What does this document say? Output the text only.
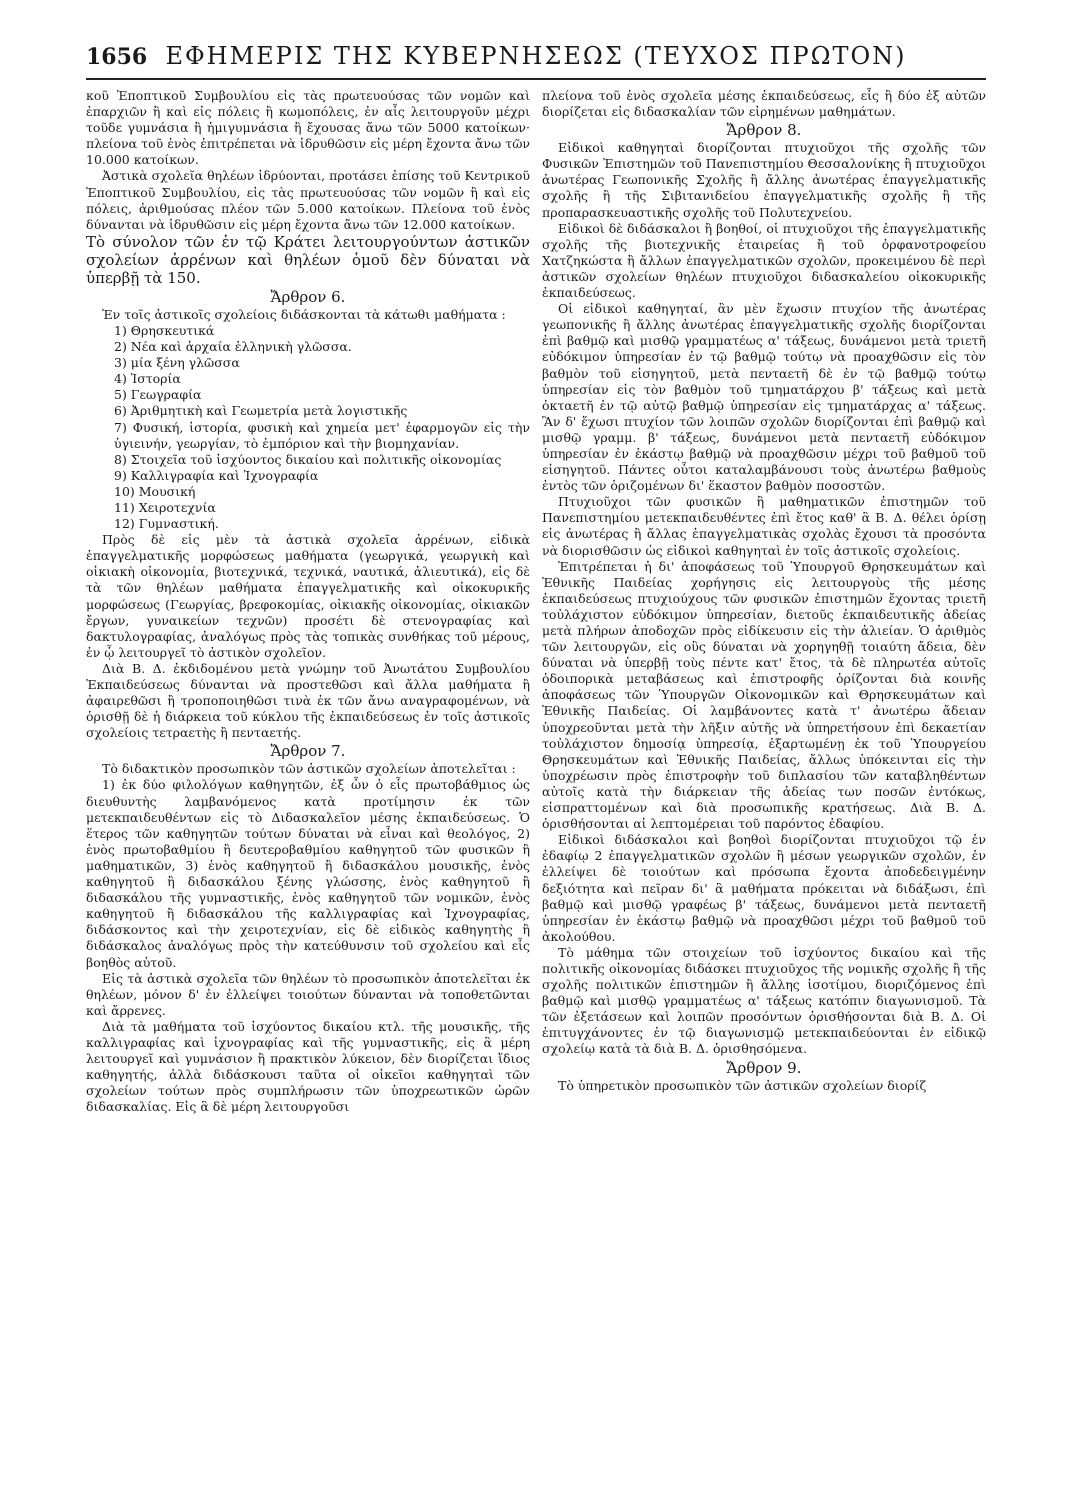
1656 ΕΦΗΜΕΡΙΣ ΤΗΣ ΚΥΒΕΡΝΗΣΕΩΣ (ΤΕΥΧΟΣ ΠΡΩΤΟΝ)

κοῦ Ἐποπτικοῦ Συμβουλίου εἰς τὰς πρωτευούσας τῶν νομῶν καὶ ἐπαρχιῶν ἢ καὶ εἰς πόλεις ἢ κωμοπόλεις, ἐν αἷς λειτουργοῦν μέχρι τοῦδε γυμνάσια ἢ ἡμιγυμνάσια ἢ ἔχουσας ἄνω τῶν 5000 κατοίκων· πλείονα τοῦ ἑνὸς ἐπιτρέπεται νὰ ἱδρυθῶσιν εἰς μέρη ἔχοντα ἄνω τῶν 10.000 κατοίκων.

Ἀστικὰ σχολεῖα θηλέων ἱδρύονται, προτάσει ἐπίσης τοῦ Κεντρικοῦ Ἐποπτικοῦ Συμβουλίου, εἰς τὰς πρωτευούσας τῶν νομῶν ἢ καὶ εἰς πόλεις, ἀριθμούσας πλέον τῶν 5.000 κατοίκων. Πλείονα τοῦ ἑνὸς δύνανται νὰ ἱδρυθῶσιν εἰς μέρη ἔχοντα ἄνω τῶν 12.000 κατοίκων.

Τὸ σύνολον τῶν ἐν τῷ Κράτει λειτουργούντων ἀστικῶν σχολείων ἀρρένων καὶ θηλέων ὁμοῦ δὲν δύναται νὰ ὑπερβῇ τὰ 150.

Ἄρθρον 6.

Ἐν τοῖς ἀστικοῖς σχολείοις διδάσκονται τὰ κάτωθι μαθήματα :

1) Θρησκευτικά

2) Νέα καὶ ἀρχαία ἑλληνικὴ γλῶσσα.

3) μία ξένη γλῶσσα

4) Ἱστορία

5) Γεωγραφία

6) Ἀριθμητικὴ καὶ Γεωμετρία μετὰ λογιστικῆς

7) Φυσική, ἱστορία, φυσικὴ καὶ χημεία μετ' ἐφαρμογῶν εἰς τὴν ὑγιεινήν, γεωργίαν, τὸ ἐμπόριον καὶ τὴν βιομηχανίαν.

8) Στοιχεῖα τοῦ ἰσχύοντος δικαίου καὶ πολιτικῆς οἰκονομίας

9) Καλλιγραφία καὶ Ἰχνογραφία

10) Μουσική

11) Χειροτεχνία

12) Γυμναστική.

Πρὸς δὲ εἰς μὲν τὰ ἀστικὰ σχολεῖα ἀρρένων, εἰδικὰ ἐπαγγελματικῆς μορφώσεως μαθήματα (γεωργικά, γεωργικὴ καὶ οἰκιακὴ οἰκονομία, βιοτεχνικά, τεχνικά, ναυτικά, ἁλιευτικά), εἰς δὲ τὰ τῶν θηλέων μαθήματα ἐπαγγελματικῆς καὶ οἰκοκυρικῆς μορφώσεως (Γεωργίας, βρεφοκομίας, οἰκιακῆς οἰκονομίας, οἰκιακῶν ἔργων, γυναικείων τεχνῶν) προσέτι δὲ στενογραφίας καὶ δακτυλογραφίας, ἀναλόγως πρὸς τὰς τοπικὰς συνθήκας τοῦ μέρους, ἐν ᾧ λειτουργεῖ τὸ ἀστικὸν σχολεῖον.

Διὰ Β. Δ. ἐκδιδομένου μετὰ γνώμην τοῦ Ἀνωτάτου Συμβουλίου Ἐκπαιδεύσεως δύνανται νὰ προστεθῶσι καὶ ἄλλα μαθήματα ἢ ἀφαιρεθῶσι ἢ τροποποιηθῶσι τινὰ ἐκ τῶν ἄνω αναγραφομένων, νὰ ὁρισθῇ δὲ ἡ διάρκεια τοῦ κύκλου τῆς ἐκπαιδεύσεως ἐν τοῖς ἀστικοῖς σχολείοις τετραετὴς ἢ πενταετής.

Ἄρθρον 7.

Τὸ διδακτικὸν προσωπικὸν τῶν ἀστικῶν σχολείων ἀποτελεῖται :

1) ἐκ δύο φιλολόγων καθηγητῶν, ἐξ ὧν ὁ εἷς πρωτοβάθμιος ὡς διευθυντὴς λαμβανόμενος κατὰ προτίμησιν ἐκ τῶν μετεκπαιδευθέντων εἰς τὸ Διδασκαλεῖον μέσης ἐκπαιδεύσεως. Ὁ ἕτερος τῶν καθηγητῶν τούτων δύναται νὰ εἶναι καὶ θεολόγος, 2) ἑνὸς πρωτοβαθμίου ἢ δευτεροβαθμίου καθηγητοῦ τῶν φυσικῶν ἢ μαθηματικῶν, 3) ἑνὸς καθηγητοῦ ἢ διδασκάλου μουσικῆς, ἑνὸς καθηγητοῦ ἢ διδασκάλου ξένης γλώσσης, ἑνὸς καθηγητοῦ ἢ διδασκάλου τῆς γυμναστικῆς, ἑνὸς καθηγητοῦ τῶν νομικῶν, ἑνὸς καθηγητοῦ ἢ διδασκάλου τῆς καλλιγραφίας καὶ Ἰχνογραφίας, διδάσκοντος καὶ τὴν χειροτεχνίαν, εἰς δὲ εἰδικὸς καθηγητὴς ἢ διδάσκαλος ἀναλόγως πρὸς τὴν κατεύθυνσιν τοῦ σχολείου καὶ εἷς βοηθὸς αὐτοῦ.

Εἰς τὰ ἀστικὰ σχολεῖα τῶν θηλέων τὸ προσωπικὸν ἀποτελεῖται ἐκ θηλέων, μόνον δ' ἐν ἐλλείψει τοιούτων δύνανται νὰ τοποθετῶνται καὶ ἄρρενες.

Διὰ τὰ μαθήματα τοῦ ἰσχύοντος δικαίου κτλ. τῆς μουσικῆς, τῆς καλλιγραφίας καὶ ἰχνογραφίας καὶ τῆς γυμναστικῆς, εἰς ἃ μέρη λειτουργεῖ καὶ γυμνάσιον ἢ πρακτικὸν λύκειον, δὲν διορίζεται ἴδιος καθηγητής, ἀλλὰ διδάσκουσι ταῦτα οἱ οἰκεῖοι καθηγηταὶ τῶν σχολείων τούτων πρὸς συμπλήρωσιν τῶν ὑποχρεωτικῶν ὡρῶν διδασκαλίας. Εἰς ἃ δὲ μέρη λειτουργοῦσι

πλείονα τοῦ ἑνὸς σχολεῖα μέσης ἐκπαιδεύσεως, εἷς ἢ δύο ἐξ αὐτῶν διορίζεται εἰς διδασκαλίαν τῶν εἰρημένων μαθημάτων.

Ἄρθρον 8.

Εἰδικοὶ καθηγηταὶ διορίζονται πτυχιοῦχοι τῆς σχολῆς τῶν Φυσικῶν Ἐπιστημῶν τοῦ Πανεπιστημίου Θεσσαλονίκης ἢ πτυχιοῦχοι ἀνωτέρας Γεωπονικῆς Σχολῆς ἢ ἄλλης ἀνωτέρας ἐπαγγελματικῆς σχολῆς ἢ τῆς Σιβιτανιδείου ἐπαγγελματικῆς σχολῆς ἢ τῆς προπαρασκευαστικῆς σχολῆς τοῦ Πολυτεχνείου.

Εἰδικοὶ δὲ διδάσκαλοι ἢ βοηθοί, οἱ πτυχιοῦχοι τῆς ἐπαγγελματικῆς σχολῆς τῆς βιοτεχνικῆς ἑταιρείας ἢ τοῦ ὀρφανοτροφείου Χατζηκώστα ἢ ἄλλων ἐπαγγελματικῶν σχολῶν, προκειμένου δὲ περὶ ἀστικῶν σχολείων θηλέων πτυχιοῦχοι διδασκαλείου οἰκοκυρικῆς ἐκπαιδεύσεως.

Οἱ εἰδικοὶ καθηγηταί, ἂν μὲν ἔχωσιν πτυχίον τῆς ἀνωτέρας γεωπονικῆς ἢ ἄλλης ἀνωτέρας ἐπαγγελματικῆς σχολῆς διορίζονται ἐπὶ βαθμῷ καὶ μισθῷ γραμματέως α' τάξεως, δυνάμενοι μετὰ τριετῆ εὐδόκιμον ὑπηρεσίαν ἐν τῷ βαθμῷ τούτῳ νὰ προαχθῶσιν εἰς τὸν βαθμὸν τοῦ εἰσηγητοῦ, μετὰ πενταετῆ δὲ ἐν τῷ βαθμῷ τούτῳ ὑπηρεσίαν εἰς τὸν βαθμὸν τοῦ τμηματάρχου β' τάξεως καὶ μετὰ ὀκταετῆ ἐν τῷ αὐτῷ βαθμῷ ὑπηρεσίαν εἰς τμηματάρχας α' τάξεως. Ἂν δ' ἔχωσι πτυχίον τῶν λοιπῶν σχολῶν διορίζονται ἐπὶ βαθμῷ καὶ μισθῷ γραμμ. β' τάξεως, δυνάμενοι μετὰ πενταετῆ εὐδόκιμον ὑπηρεσίαν ἐν ἑκάστῳ βαθμῷ νὰ προαχθῶσιν μέχρι τοῦ βαθμοῦ τοῦ εἰσηγητοῦ. Πάντες οὗτοι καταλαμβάνουσι τοὺς ἀνωτέρω βαθμοὺς ἐντὸς τῶν ὁριζομένων δι' ἕκαστον βαθμὸν ποσοστῶν.

Πτυχιοῦχοι τῶν φυσικῶν ἢ μαθηματικῶν ἐπιστημῶν τοῦ Πανεπιστημίου μετεκπαιδευθέντες ἐπὶ ἔτος καθ' ἃ Β. Δ. θέλει ὁρίσῃ εἰς ἀνωτέρας ἢ ἄλλας ἐπαγγελματικὰς σχολὰς ἔχουσι τὰ προσόντα νὰ διορισθῶσιν ὡς εἰδικοὶ καθηγηταὶ ἐν τοῖς ἀστικοῖς σχολείοις.

Ἐπιτρέπεται ἡ δι' ἀποφάσεως τοῦ Ὑπουργοῦ Θρησκευμάτων καὶ Ἐθνικῆς Παιδείας χορήγησις εἰς λειτουργοὺς τῆς μέσης ἐκπαιδεύσεως πτυχιούχους τῶν φυσικῶν ἐπιστημῶν ἔχοντας τριετῆ τοὐλάχιστον εὐδόκιμον ὑπηρεσίαν, διετοῦς ἐκπαιδευτικῆς ἀδείας μετὰ πλήρων ἀποδοχῶν πρὸς εἰδίκευσιν εἰς τὴν ἀλιείαν. Ὁ ἀριθμὸς τῶν λειτουργῶν, εἰς οὓς δύναται νὰ χορηγηθῇ τοιαύτη ἄδεια, δὲν δύναται νὰ ὑπερβῇ τοὺς πέντε κατ' ἔτος, τὰ δὲ πληρωτέα αὐτοῖς ὁδοιπορικὰ μεταβάσεως καὶ ἐπιστροφῆς ὁρίζονται διὰ κοινῆς ἀποφάσεως τῶν Ὑπουργῶν Οἰκονομικῶν καὶ Θρησκευμάτων καὶ Ἐθνικῆς Παιδείας. Οἱ λαμβάνοντες κατὰ τ' ἀνωτέρω ἄδειαν ὑποχρεοῦνται μετὰ τὴν λῆξιν αὐτῆς νὰ ὑπηρετήσουν ἐπὶ δεκαετίαν τοὐλάχιστον δημοσίᾳ ὑπηρεσίᾳ, ἐξαρτωμένῃ ἐκ τοῦ Ὑπουργείου Θρησκευμάτων καὶ Ἐθνικῆς Παιδείας, ἄλλως ὑπόκεινται εἰς τὴν ὑποχρέωσιν πρὸς ἐπιστροφὴν τοῦ διπλασίου τῶν καταβληθέντων αὐτοῖς κατὰ τὴν διάρκειαν τῆς ἀδείας των ποσῶν ἐντόκως, εἰσπραττομένων καὶ διὰ προσωπικῆς κρατήσεως. Διὰ Β. Δ. ὁρισθήσονται αἱ λεπτομέρειαι τοῦ παρόντος ἐδαφίου.

Εἰδικοὶ διδάσκαλοι καὶ βοηθοὶ διορίζονται πτυχιοῦχοι τῷ ἐν ἐδαφίῳ 2 ἐπαγγελματικῶν σχολῶν ἢ μέσων γεωργικῶν σχολῶν, ἐν ἐλλείψει δὲ τοιούτων καὶ πρόσωπα ἔχοντα ἀποδεδειγμένην δεξιότητα καὶ πεῖραν δι' ἃ μαθήματα πρόκειται νὰ διδάξωσι, ἐπὶ βαθμῷ καὶ μισθῷ γραφέως β' τάξεως, δυνάμενοι μετὰ πενταετῆ ὑπηρεσίαν ἐν ἑκάστῳ βαθμῷ νὰ προαχθῶσι μέχρι τοῦ βαθμοῦ τοῦ ἀκολούθου.

Τὸ μάθημα τῶν στοιχείων τοῦ ἰσχύοντος δικαίου καὶ τῆς πολιτικῆς οἰκονομίας διδάσκει πτυχιοῦχος τῆς νομικῆς σχολῆς ἢ τῆς σχολῆς πολιτικῶν ἐπιστημῶν ἢ ἄλλης ἰσοτίμου, διοριζόμενος ἐπὶ βαθμῷ καὶ μισθῷ γραμματέως α' τάξεως κατόπιν διαγωνισμοῦ. Τὰ τῶν ἐξετάσεων καὶ λοιπῶν προσόντων ὁρισθήσονται διὰ Β. Δ. Οἱ ἐπιτυγχάνοντες ἐν τῷ διαγωνισμῷ μετεκπαιδεύονται ἐν εἰδικῷ σχολείῳ κατὰ τὰ διὰ Β. Δ. ὁρισθησόμενα.

Ἄρθρον 9.

Τὸ ὑπηρετικὸν προσωπικὸν τῶν ἀστικῶν σχολείων διορίζ
